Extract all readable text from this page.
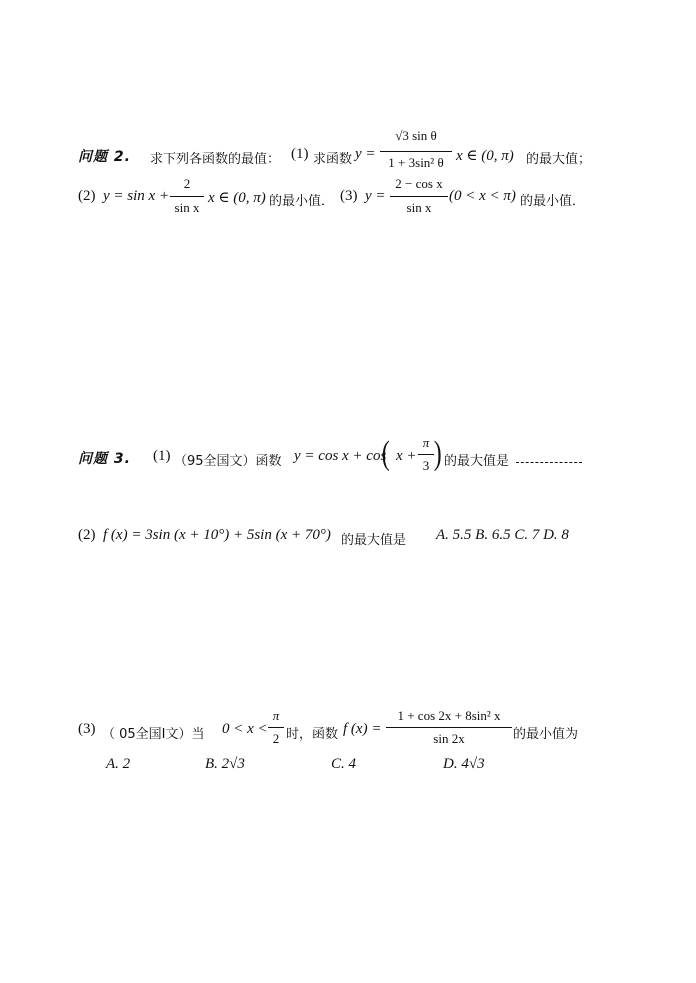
问题 2. 求下列各函数的最值： (1) 求函数 y =
√3 sin θ
1 + 3sin² θ x ∈ (0, π) 的最大值；
(2) y = sin x +
2
sin x
x ∈ (0, π) 的最小值． (3) y =
2 − cos x
sin x
(0 < x < π) 的最小值．
问题 3. (1) （95全国文）函数 y = cos x + cos
( x +
π
3 ) 的最大值是
(2) f (x) = 3sin (x + 10°) + 5sin (x + 70°) 的最大值是 A. 5.5 B. 6.5 C. 7 D. 8
(3) （ 05全国Ⅰ文）当 0 < x <
π
2 时，函数 f (x) =
1 + cos 2x + 8sin² x
sin 2x	的最小值为
A. 2	B. 2√3	C. 4	D. 4√3
